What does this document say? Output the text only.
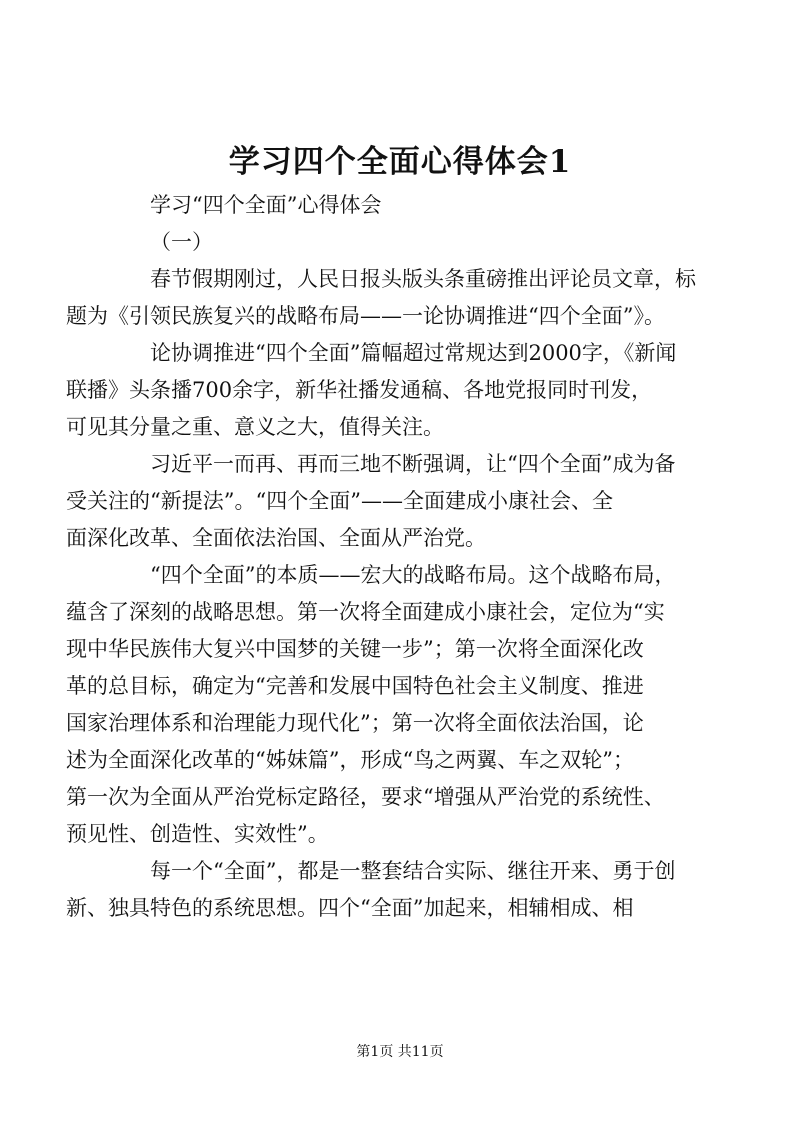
学习四个全面心得体会1

学习“四个全面”心得体会

（一）

春节假期刚过，人民日报头版头条重磅推出评论员文章，标
题为《引领民族复兴的战略布局——一论协调推进“四个全面”》。

论协调推进“四个全面”篇幅超过常规达到2000字，《新闻
联播》头条播700余字，新华社播发通稿、各地党报同时刊发，
可见其分量之重、意义之大，值得关注。

习近平一而再、再而三地不断强调，让“四个全面”成为备
受关注的“新提法”。“四个全面”——全面建成小康社会、全
面深化改革、全面依法治国、全面从严治党。

“四个全面”的本质——宏大的战略布局。这个战略布局，
蕴含了深刻的战略思想。第一次将全面建成小康社会，定位为“实
现中华民族伟大复兴中国梦的关键一步”；第一次将全面深化改
革的总目标，确定为“完善和发展中国特色社会主义制度、推进
国家治理体系和治理能力现代化”；第一次将全面依法治国，论
述为全面深化改革的“姊妹篇”，形成“鸟之两翼、车之双轮”；
第一次为全面从严治党标定路径，要求“增强从严治党的系统性、
预见性、创造性、实效性”。

每一个“全面”，都是一整套结合实际、继往开来、勇于创
新、独具特色的系统思想。四个“全面”加起来，相辅相成、相

第1页 共11页
